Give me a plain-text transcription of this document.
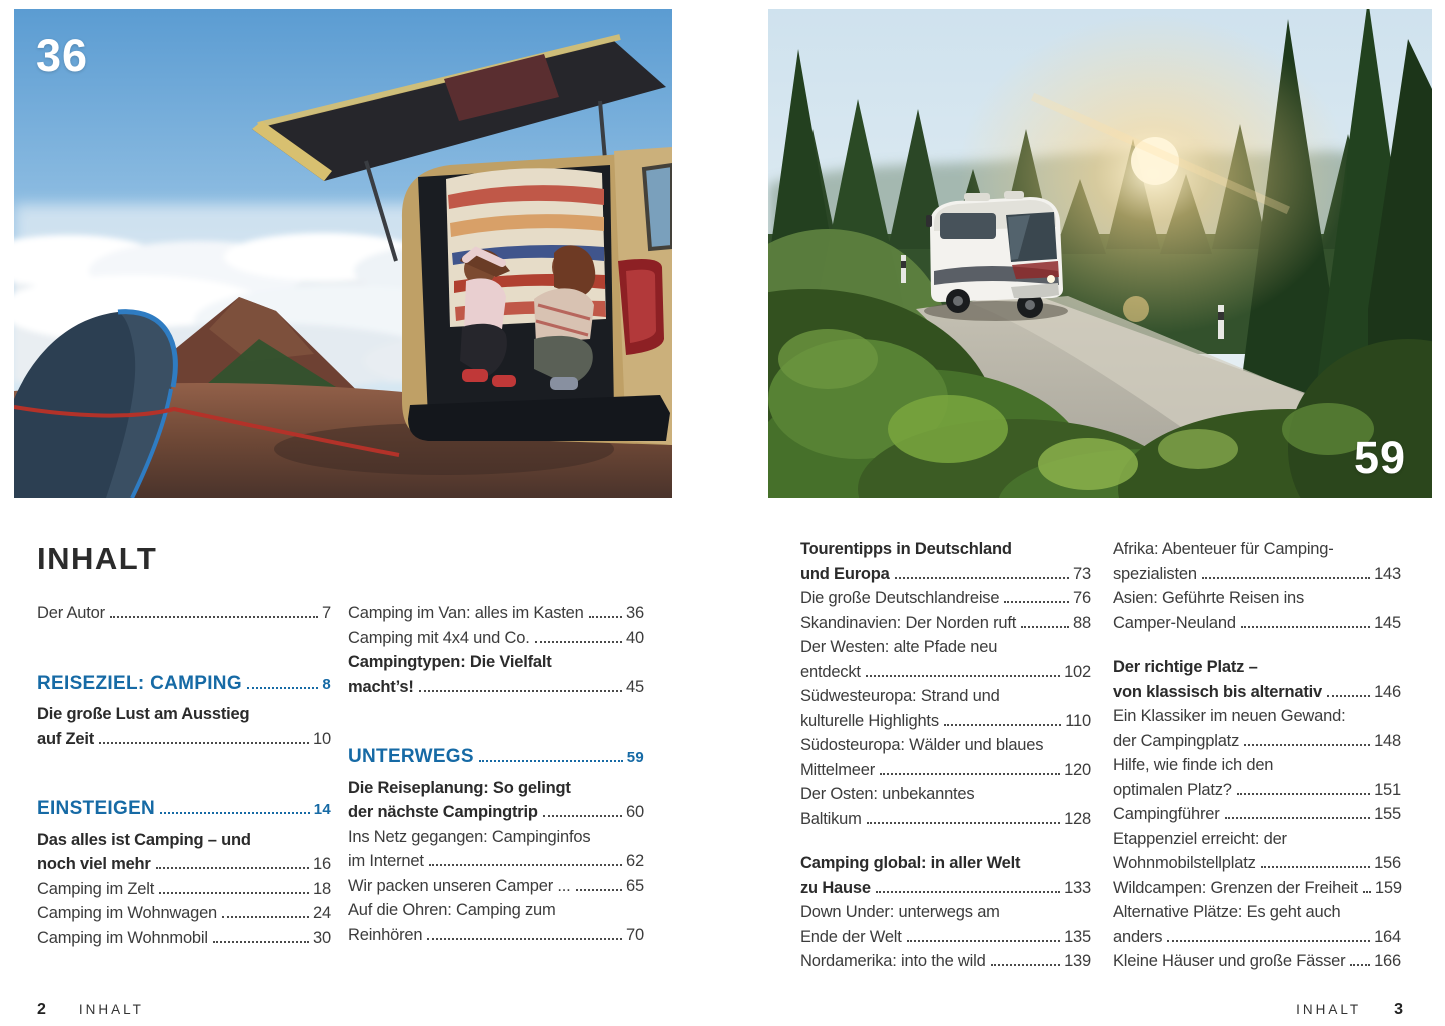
36
59
INHALT
Der Autor	7
REISEZIEL: CAMPING	8
Die große Lust am Ausstieg
auf Zeit	10
EINSTEIGEN	14
Das alles ist Camping – und
noch viel mehr	16
Camping im Zelt	18
Camping im Wohnwagen	24
Camping im Wohnmobil	30
Camping im Van: alles im Kasten	36
Camping mit 4x4 und Co.	40
Campingtypen: Die Vielfalt
macht’s!	45
UNTERWEGS	59
Die Reiseplanung: So gelingt
der nächste Campingtrip	60
Ins Netz gegangen: Campinginfos
im Internet	62
Wir packen unseren Camper ...	65
Auf die Ohren: Camping zum
Reinhören	70
Tourentipps in Deutschland
und Europa	73
Die große Deutschlandreise	76
Skandinavien: Der Norden ruft	88
Der Westen: alte Pfade neu
entdeckt	102
Südwesteuropa: Strand und
kulturelle Highlights	110
Südosteuropa: Wälder und blaues
Mittelmeer	120
Der Osten: unbekanntes
Baltikum	128
Camping global: in aller Welt
zu Hause	133
Down Under: unterwegs am
Ende der Welt	135
Nordamerika: into the wild	139
Afrika: Abenteuer für Camping-
spezialisten	143
Asien: Geführte Reisen ins
Camper-Neuland	145
Der richtige Platz –
von klassisch bis alternativ	146
Ein Klassiker im neuen Gewand:
der Campingplatz	148
Hilfe, wie finde ich den
optimalen Platz?	151
Campingführer	155
Etappenziel erreicht: der
Wohnmobilstellplatz	156
Wildcampen: Grenzen der Freiheit 159
Alternative Plätze: Es geht auch
anders	164
Kleine Häuser und große Fässer 166
2 INHALT	INHALT 3
